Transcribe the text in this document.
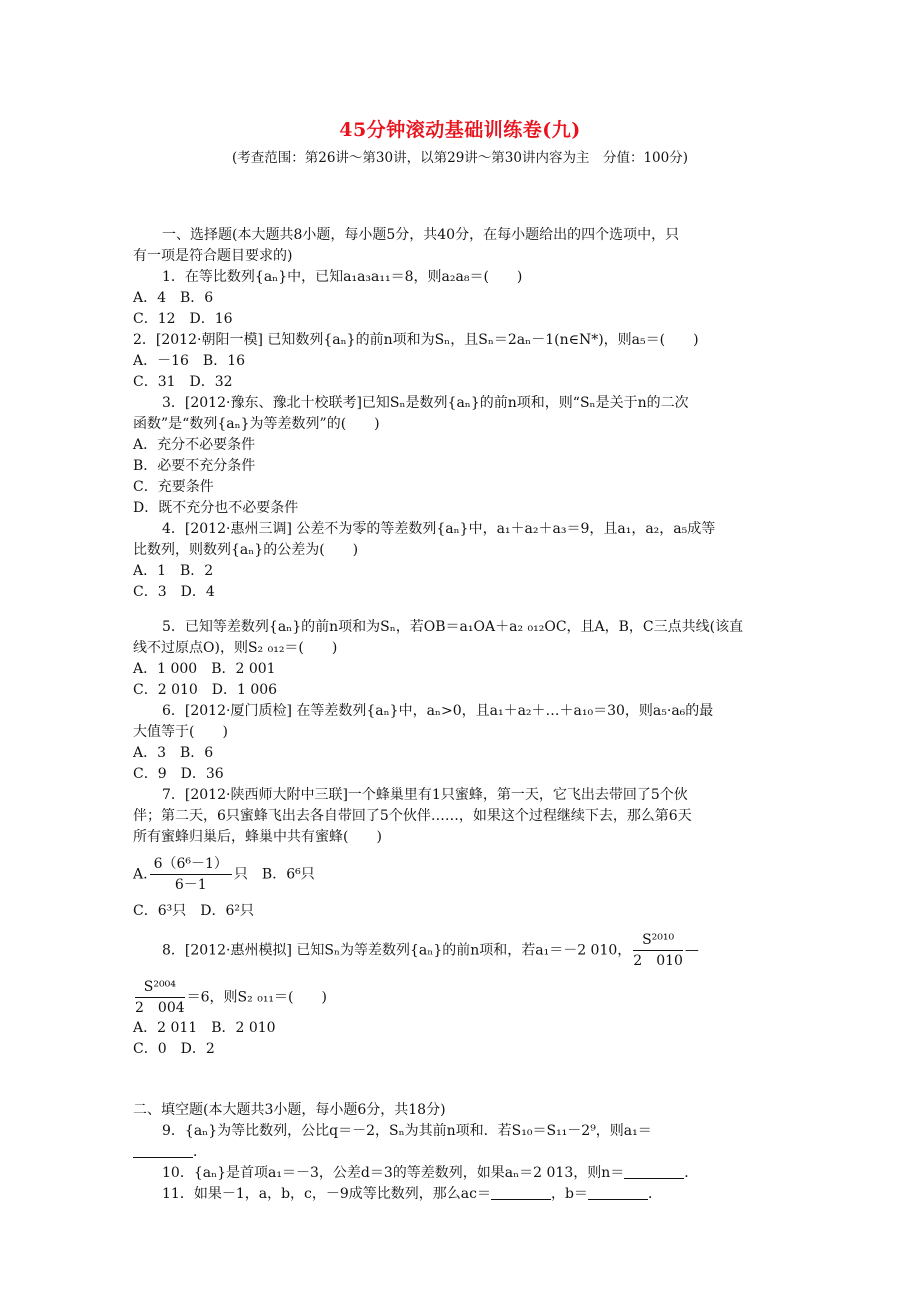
45分钟滚动基础训练卷(九)
(考查范围：第26讲～第30讲，以第29讲～第30讲内容为主　分值：100分)
一、选择题(本大题共8小题，每小题5分，共40分，在每小题给出的四个选项中，只
有一项是符合题目要求的)
1．在等比数列{aₙ}中，已知a₁a₃a₁₁＝8，则a₂a₈＝(　　)
A．4　B．6
C．12　D．16
2．[2012·朝阳一模] 已知数列{aₙ}的前n项和为Sₙ，且Sₙ＝2aₙ－1(n∈N*)，则a₅＝(　　)
A．－16　B．16
C．31　D．32
3．[2012·豫东、豫北十校联考]已知Sₙ是数列{aₙ}的前n项和，则“Sₙ是关于n的二次
函数”是“数列{aₙ}为等差数列”的(　　)
A．充分不必要条件
B．必要不充分条件
C．充要条件
D．既不充分也不必要条件
4．[2012·惠州三调] 公差不为零的等差数列{aₙ}中，a₁＋a₂＋a₃＝9，且a₁，a₂，a₅成等
比数列，则数列{aₙ}的公差为(　　)
A．1　B．2
C．3　D．4
5．已知等差数列{aₙ}的前n项和为Sₙ，若OB＝a₁OA＋a₂ ₀₁₂OC，且A，B，C三点共线(该直
线不过原点O)，则S₂ ₀₁₂＝(　　)
A．1 000　B．2 001
C．2 010　D．1 006
6．[2012·厦门质检] 在等差数列{aₙ}中，aₙ>0，且a₁＋a₂＋…＋a₁₀＝30，则a₅·a₆的最
大值等于(　　)
A．3　B．6
C．9　D．36
7．[2012·陕西师大附中三联]一个蜂巢里有1只蜜蜂，第一天，它飞出去带回了5个伙
伴；第二天，6只蜜蜂飞出去各自带回了5个伙伴……，如果这个过程继续下去，那么第6天
所有蜜蜂归巢后，蜂巢中共有蜜蜂(　　)
A. $\frac{\text{6（6⁶－1）}}{6-1}$ 只　 B．6⁶只
C．6³只　D．6²只
8．[2012·惠州模拟] 已知Sₙ为等差数列{aₙ}的前n项和，若a₁＝－2 010， $\frac{\text{S²⁰¹⁰}}{2 010}$ —
$\frac{\text{S²⁰⁰⁴}}{2 004} =6$，则S₂ ₀₁₁＝(　　)
A．2 011　B．2 010
C．0　D．2
二、填空题(本大题共3小题，每小题6分，共18分)
9．{aₙ}为等比数列，公比q＝－2，Sₙ为其前n项和．若S₁₀＝S₁₁－2⁹，则a₁＝
．
10．{aₙ}是首项a₁＝－3，公差d＝3的等差数列，如果aₙ＝2 013，则n＝	．
11．如果－1，a，b，c，－9成等比数列，那么ac＝	，b＝	．
